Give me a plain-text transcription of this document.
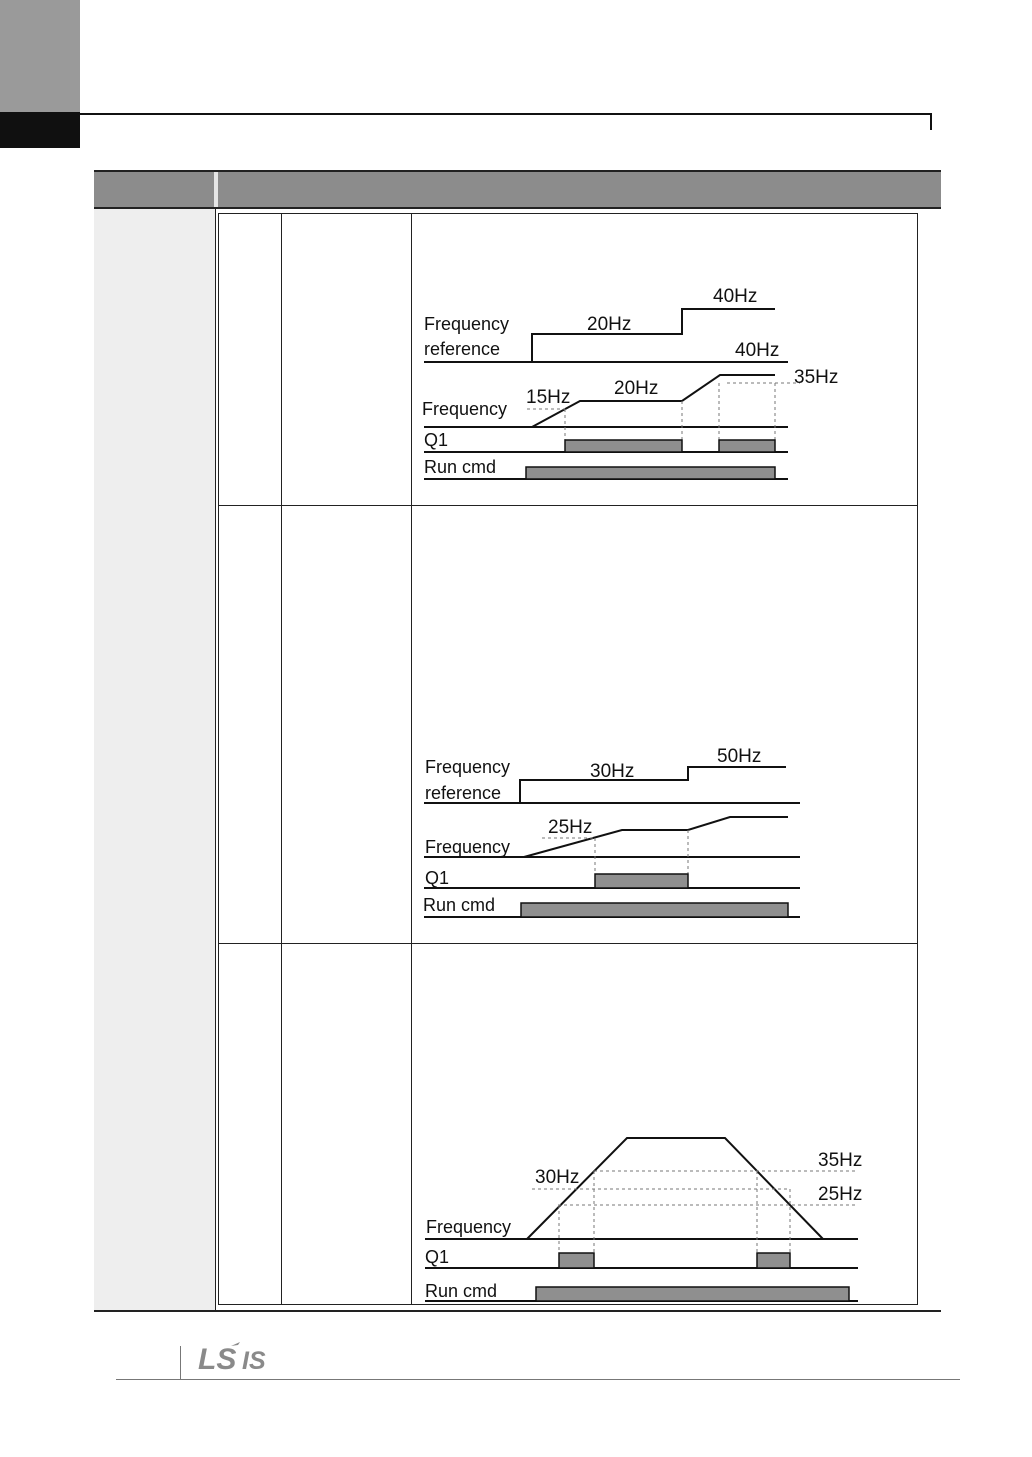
Frequency
reference
20Hz
40Hz
40Hz
15Hz 20Hz
35Hz
Frequency
Q1
Run cmd
Frequency
reference
30Hz
50Hz
25Hz
Frequency
Q1
Run cmd
30Hz
35Hz
25Hz
Frequency
Q1
Run cmd
LS IS
